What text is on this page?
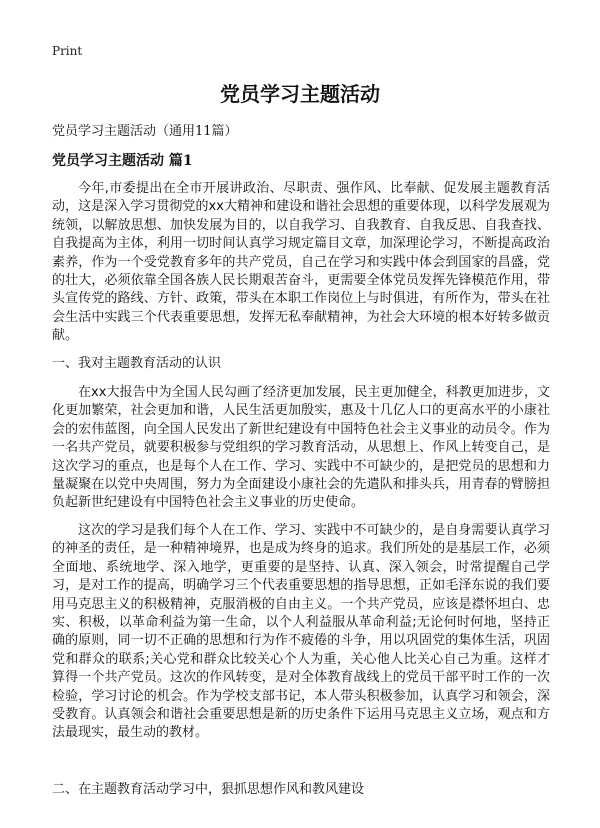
Print
党员学习主题活动

党员学习主题活动（通用11篇）

党员学习主题活动 篇1

今年,市委提出在全市开展讲政治、尽职责、强作风、比奉献、促发展主题教育活动，这是深入学习贯彻党的xx大精神和建设和谐社会思想的重要体现，以科学发展观为统领，以解放思想、加快发展为目的，以自我学习、自我教育、自我反思、自我查找、自我提高为主体，利用一切时间认真学习规定篇目文章，加深理论学习，不断提高政治素养，作为一个受党教育多年的共产党员，自己在学习和实践中体会到国家的昌盛，党的壮大，必须依靠全国各族人民长期艰苦奋斗，更需要全体党员发挥先锋模范作用，带头宣传党的路线、方针、政策，带头在本职工作岗位上与时俱进，有所作为，带头在社会生活中实践三个代表重要思想，发挥无私奉献精神，为社会大环境的根本好转多做贡献。

一、我对主题教育活动的认识

在xx大报告中为全国人民勾画了经济更加发展，民主更加健全，科教更加进步，文化更加繁荣，社会更加和谐，人民生活更加殷实，惠及十几亿人口的更高水平的小康社会的宏伟蓝图，向全国人民发出了新世纪建设有中国特色社会主义事业的动员令。作为一名共产党员，就要积极参与党组织的学习教育活动，从思想上、作风上转变自己，是这次学习的重点，也是每个人在工作、学习、实践中不可缺少的，是把党员的思想和力量凝聚在以党中央周围，努力为全面建设小康社会的先遣队和排头兵，用青春的臂膀担负起新世纪建设有中国特色社会主义事业的历史使命。

这次的学习是我们每个人在工作、学习、实践中不可缺少的，是自身需要认真学习的神圣的责任，是一种精神境界，也是成为终身的追求。我们所处的是基层工作，必须全面地、系统地学、深入地学，更重要的是坚持、认真、深入领会，时常提醒自己学习，是对工作的提高，明确学习三个代表重要思想的指导思想，正如毛泽东说的我们要用马克思主义的积极精神，克服消极的自由主义。一个共产党员，应该是襟怀坦白、忠实、积极，以革命利益为第一生命，以个人利益服从革命利益;无论何时何地，坚持正确的原则，同一切不正确的思想和行为作不疲倦的斗争，用以巩固党的集体生活，巩固党和群众的联系;关心党和群众比较关心个人为重，关心他人比关心自己为重。这样才算得一个共产党员。这次的作风转变，是对全体教育战线上的党员干部平时工作的一次检验，学习讨论的机会。作为学校支部书记，本人带头积极参加，认真学习和领会，深受教育。认真领会和谐社会重要思想是新的历史条件下运用马克思主义立场，观点和方法最现实，最生动的教材。

二、在主题教育活动学习中，狠抓思想作风和教风建设
